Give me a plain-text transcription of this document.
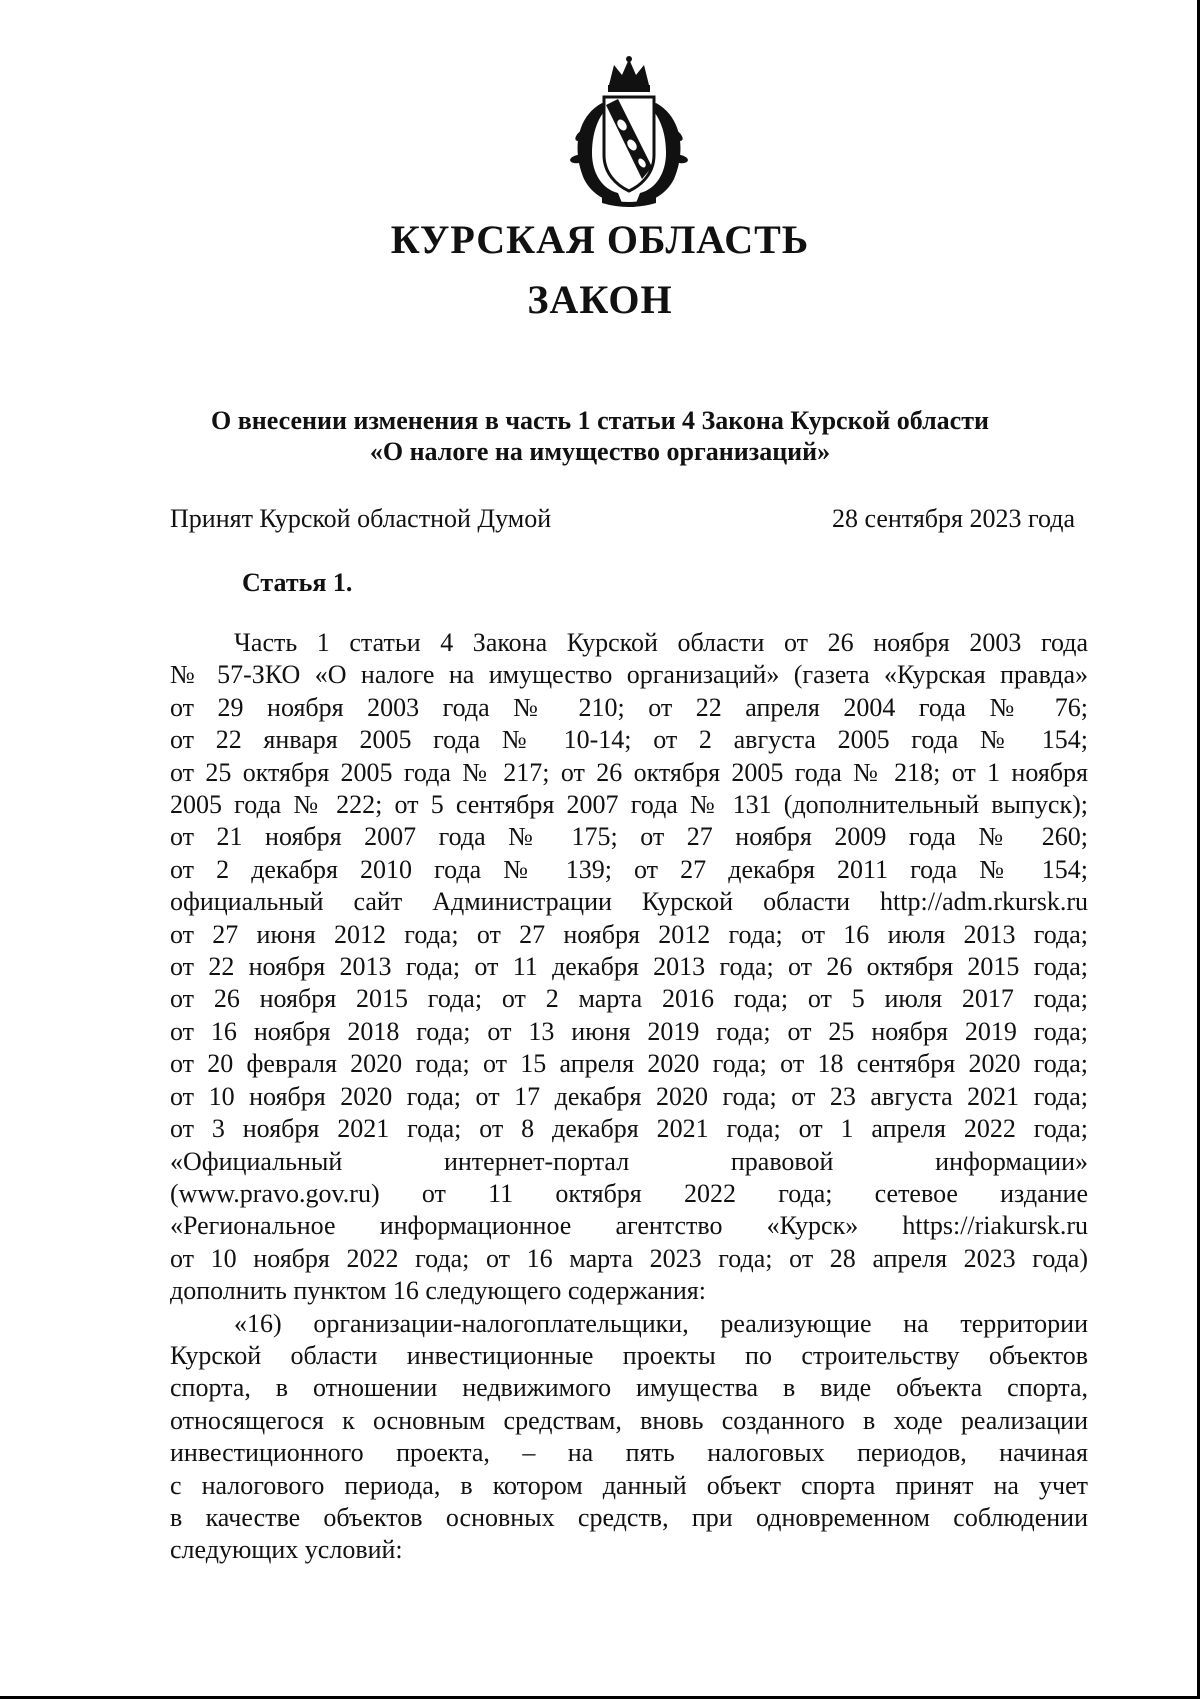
КУРСКАЯ ОБЛАСТЬ
ЗАКОН
О внесении изменения в часть 1 статьи 4 Закона Курской области
«О налоге на имущество организаций»
Принят Курской областной Думой	28 сентября 2023 года
Статья 1.
Часть 1 статьи 4 Закона Курской области от 26 ноября 2003 года
№ 57-ЗКО «О налоге на имущество организаций» (газета «Курская правда»
от 29 ноября 2003 года № 210; от 22 апреля 2004 года № 76;
от 22 января 2005 года № 10-14; от 2 августа 2005 года № 154;
от 25 октября 2005 года № 217; от 26 октября 2005 года № 218; от 1 ноября
2005 года № 222; от 5 сентября 2007 года № 131 (дополнительный выпуск);
от 21 ноября 2007 года № 175; от 27 ноября 2009 года № 260;
от 2 декабря 2010 года № 139; от 27 декабря 2011 года № 154;
официальный сайт Администрации Курской области http://adm.rkursk.ru
от 27 июня 2012 года; от 27 ноября 2012 года; от 16 июля 2013 года;
от 22 ноября 2013 года; от 11 декабря 2013 года; от 26 октября 2015 года;
от 26 ноября 2015 года; от 2 марта 2016 года; от 5 июля 2017 года;
от 16 ноября 2018 года; от 13 июня 2019 года; от 25 ноября 2019 года;
от 20 февраля 2020 года; от 15 апреля 2020 года; от 18 сентября 2020 года;
от 10 ноября 2020 года; от 17 декабря 2020 года; от 23 августа 2021 года;
от 3 ноября 2021 года; от 8 декабря 2021 года; от 1 апреля 2022 года;
«Официальный интернет-портал правовой информации»
(www.pravo.gov.ru) от 11 октября 2022 года; сетевое издание
«Региональное информационное агентство «Курск» https://riakursk.ru
от 10 ноября 2022 года; от 16 марта 2023 года; от 28 апреля 2023 года)
дополнить пунктом 16 следующего содержания:
«16) организации-налогоплательщики, реализующие на территории
Курской области инвестиционные проекты по строительству объектов
спорта, в отношении недвижимого имущества в виде объекта спорта,
относящегося к основным средствам, вновь созданного в ходе реализации
инвестиционного проекта, – на пять налоговых периодов, начиная
с налогового периода, в котором данный объект спорта принят на учет
в качестве объектов основных средств, при одновременном соблюдении
следующих условий:
